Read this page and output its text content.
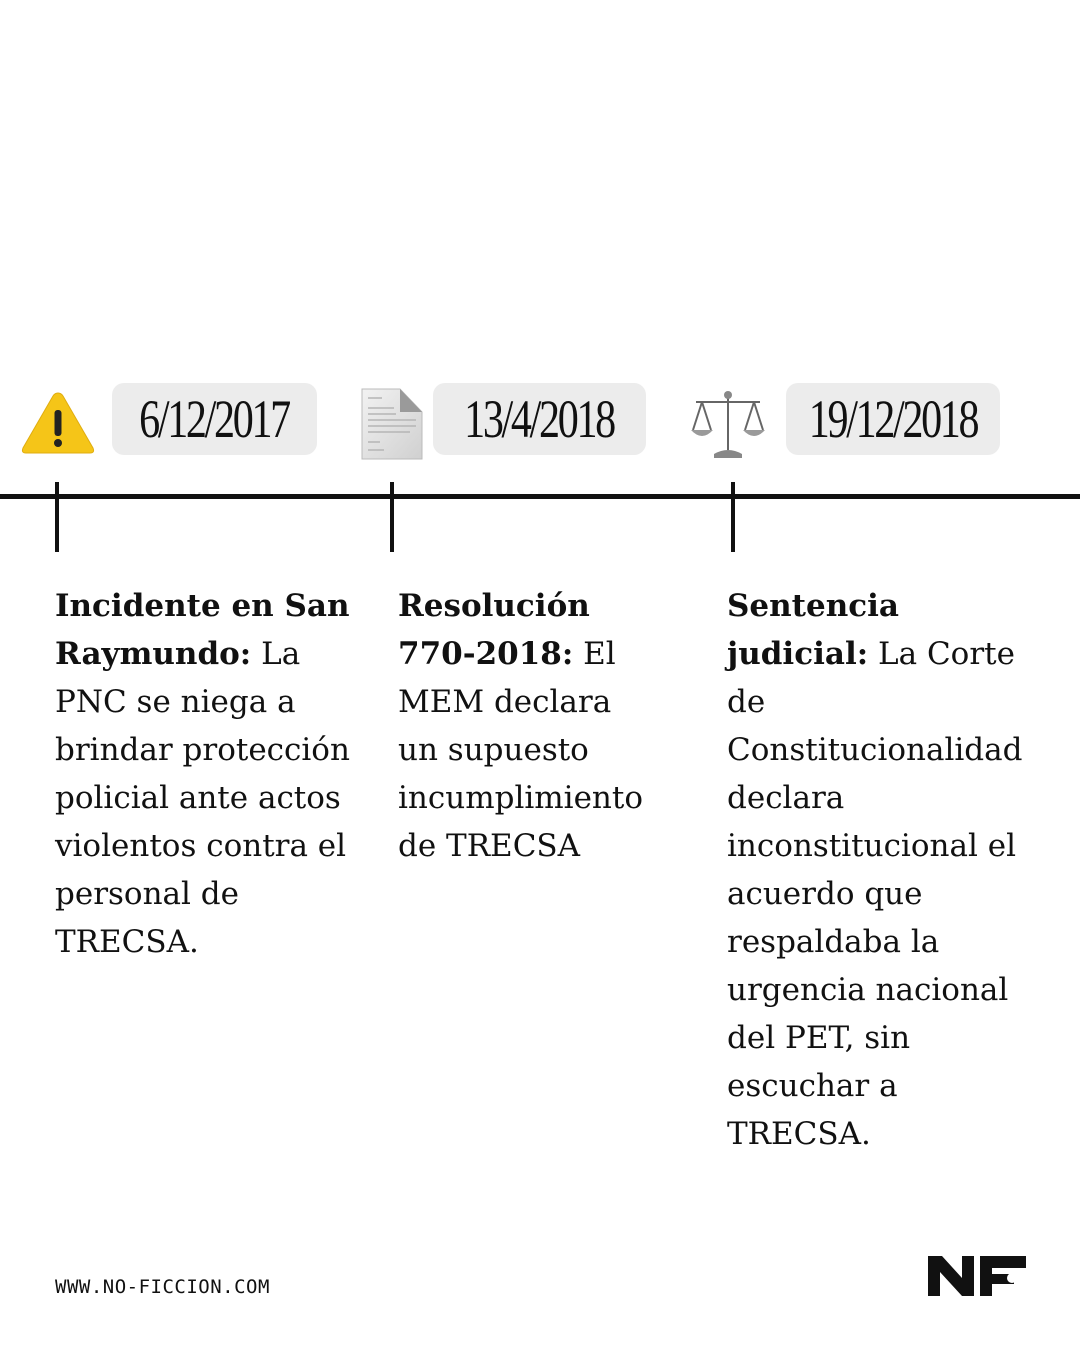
6/12/2017	13/4/2018	19/12/2018
Incidente en San Raymundo: La PNC se niega a brindar protección policial ante actos violentos contra el personal de TRECSA.
Resolución 770-2018: El MEM declara un supuesto incumplimiento de TRECSA
Sentencia judicial: La Corte de Constitucionalidad declara inconstitucional el acuerdo que respaldaba la urgencia nacional del PET, sin escuchar a TRECSA.
WWW.NO-FICCION.COM
